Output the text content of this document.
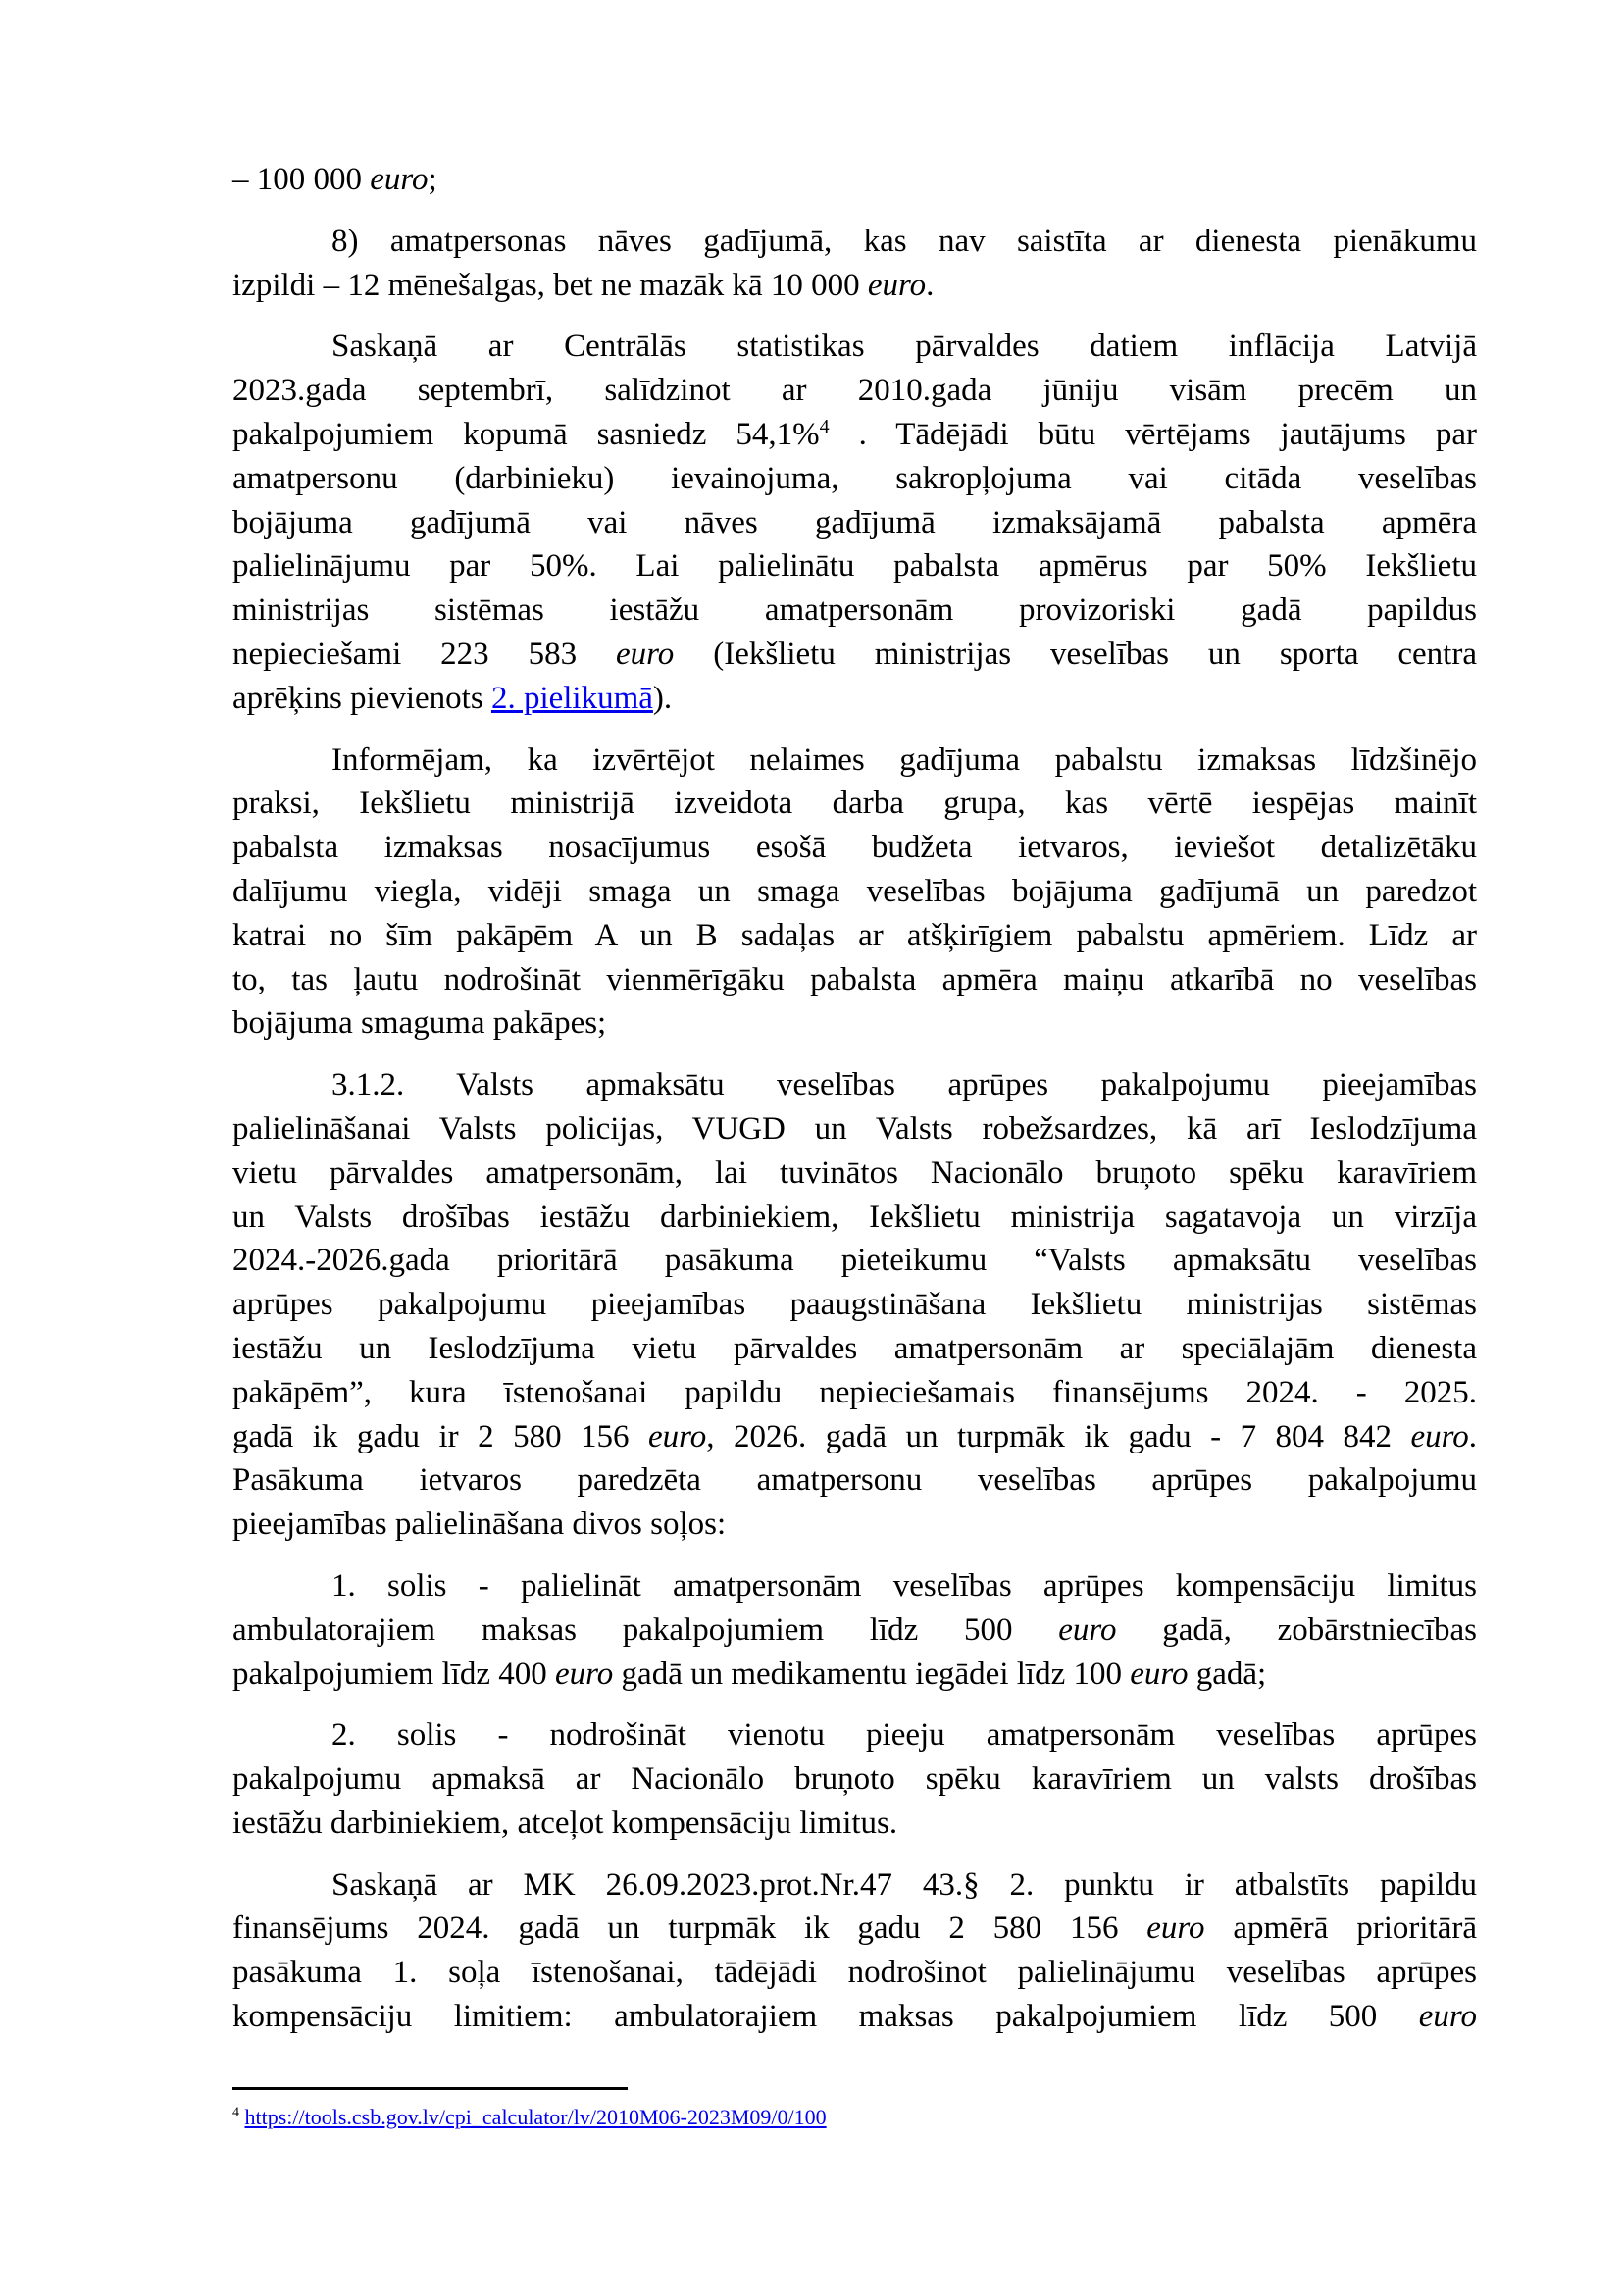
– 100 000 euro;
8) amatpersonas nāves gadījumā, kas nav saistīta ar dienesta pienākumu
izpildi – 12 mēnešalgas, bet ne mazāk kā 10 000 euro.
Saskaņā ar Centrālās statistikas pārvaldes datiem inflācija Latvijā
2023.gada septembrī, salīdzinot ar 2010.gada jūniju visām precēm un
pakalpojumiem kopumā sasniedz 54,1%$^4$ . Tādējādi būtu vērtējams jautājums par
amatpersonu (darbinieku) ievainojuma, sakropļojuma vai citāda veselības
bojājuma gadījumā vai nāves gadījumā izmaksājamā pabalsta apmēra
palielinājumu par 50%. Lai palielinātu pabalsta apmērus par 50% Iekšlietu
ministrijas sistēmas iestāžu amatpersonām provizoriski gadā papildus
nepieciešami 223 583 euro (Iekšlietu ministrijas veselības un sporta centra
aprēķins pievienots 2. pielikumā).
Informējam, ka izvērtējot nelaimes gadījuma pabalstu izmaksas līdzšinējo
praksi, Iekšlietu ministrijā izveidota darba grupa, kas vērtē iespējas mainīt
pabalsta izmaksas nosacījumus esošā budžeta ietvaros, ieviešot detalizētāku
dalījumu viegla, vidēji smaga un smaga veselības bojājuma gadījumā un paredzot
katrai no šīm pakāpēm A un B sadaļas ar atšķirīgiem pabalstu apmēriem. Līdz ar
to, tas ļautu nodrošināt vienmērīgāku pabalsta apmēra maiņu atkarībā no veselības
bojājuma smaguma pakāpes;
3.1.2. Valsts apmaksātu veselības aprūpes pakalpojumu pieejamības
palielināšanai Valsts policijas, VUGD un Valsts robežsardzes, kā arī Ieslodzījuma
vietu pārvaldes amatpersonām, lai tuvinātos Nacionālo bruņoto spēku karavīriem
un Valsts drošības iestāžu darbiniekiem, Iekšlietu ministrija sagatavoja un virzīja
2024.-2026.gada prioritārā pasākuma pieteikumu “Valsts apmaksātu veselības
aprūpes pakalpojumu pieejamības paaugstināšana Iekšlietu ministrijas sistēmas
iestāžu un Ieslodzījuma vietu pārvaldes amatpersonām ar speciālajām dienesta
pakāpēm”, kura īstenošanai papildu nepieciešamais finansējums 2024. - 2025.
gadā ik gadu ir 2 580 156 euro, 2026. gadā un turpmāk ik gadu - 7 804 842 euro.
Pasākuma ietvaros paredzēta amatpersonu veselības aprūpes pakalpojumu
pieejamības palielināšana divos soļos:
1. solis - palielināt amatpersonām veselības aprūpes kompensāciju limitus
ambulatorajiem maksas pakalpojumiem līdz 500 euro gadā, zobārstniecības
pakalpojumiem līdz 400 euro gadā un medikamentu iegādei līdz 100 euro gadā;
2. solis - nodrošināt vienotu pieeju amatpersonām veselības aprūpes
pakalpojumu apmaksā ar Nacionālo bruņoto spēku karavīriem un valsts drošības
iestāžu darbiniekiem, atceļot kompensāciju limitus.
Saskaņā ar MK 26.09.2023.prot.Nr.47 43.§ 2. punktu ir atbalstīts papildu
finansējums 2024. gadā un turpmāk ik gadu 2 580 156 euro apmērā prioritārā
pasākuma 1. soļa īstenošanai, tādējādi nodrošinot palielinājumu veselības aprūpes
kompensāciju limitiem: ambulatorajiem maksas pakalpojumiem līdz 500 euro
$^4$ https://tools.csb.gov.lv/cpi_calculator/lv/2010M06-2023M09/0/100
